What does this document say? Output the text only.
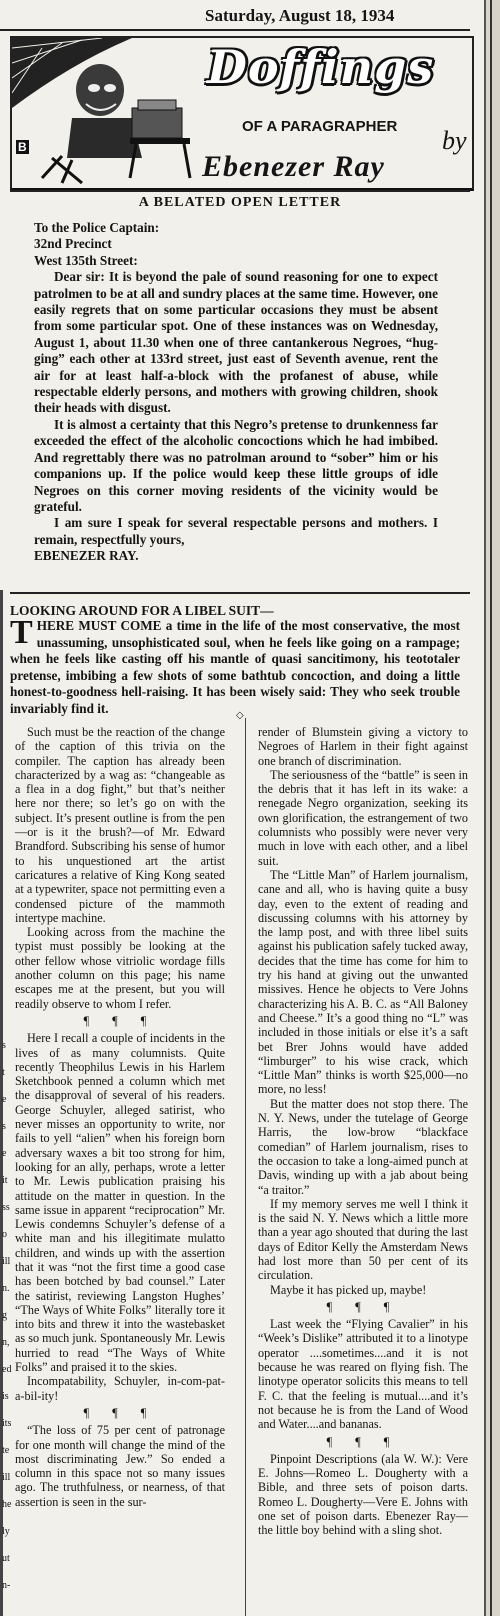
Saturday, August 18, 1934
B
Doffings
OF A PARAGRAPHER by
Ebenezer Ray
A BELATED OPEN LETTER

To the Police Captain:

32nd Precinct

West 135th Street:

Dear sir: It is beyond the pale of sound reasoning for one to expect patrolmen to be at all and sundry places at the same time. However, one easily regrets that on some particular occasions they must be absent from some particular spot. One of these instances was on Wednesday, August 1, about 11.30 when one of three cantankerous Negroes, “hug-ging” each other at 133rd street, just east of Seventh avenue, rent the air for at least half-a-block with the profanest of abuse, while respectable elderly persons, and mothers with growing children, shook their heads with disgust.

It is almost a certainty that this Negro’s pretense to drunkenness far exceeded the effect of the alcoholic concoctions which he had imbibed. And regrettably there was no patrolman around to “sober” him or his companions up. If the police would keep these little groups of idle Negroes on this corner moving residents of the vicinity would be grateful.

I am sure I speak for several respectable persons and mothers. I remain, respectfully yours,

EBENEZER RAY.

LOOKING AROUND FOR A LIBEL SUIT—
THERE MUST COME a time in the life of the most conservative, the most unassuming, unsophisticated soul, when he feels like going on a rampage; when he feels like casting off his mantle of quasi sancitimony, his teototaler pretense, imbibing a few shots of some bathtub concoction, and doing a little honest-to-goodness hell-raising. It has been wisely said: They who seek trouble invariably find it.	◇

Such must be the reaction of the change of the caption of this trivia on the compiler. The caption has already been characterized by a wag as: “changeable as a flea in a dog fight,” but that’s neither here nor there; so let’s go on with the subject. It’s present outline is from the pen—or is it the brush?—of Mr. Edward Brandford. Subscribing his sense of humor to his unquestioned art the artist caricatures a relative of King Kong seated at a typewriter, space not permitting even a condensed picture of the mammoth intertype machine.

Looking across from the machine the typist must possibly be looking at the other fellow whose vitriolic wordage fills another column on this page; his name escapes me at the present, but you will readily observe to whom I refer.

¶ ¶ ¶

Here I recall a couple of incidents in the lives of as many columnists. Quite recently Theophilus Lewis in his Harlem Sketchbook penned a column which met the disapproval of several of his readers. George Schuyler, alleged satirist, who never misses an opportunity to write, nor fails to yell “alien” when his foreign born adversary waxes a bit too strong for him, looking for an ally, perhaps, wrote a letter to Mr. Lewis publication praising his attitude on the matter in question. In the same issue in apparent “reciprocation” Mr. Lewis condemns Schuyler’s defense of a white man and his illegitimate mulatto children, and winds up with the assertion that it was “not the first time a good case has been botched by bad counsel.” Later the satirist, reviewing Langston Hughes’ “The Ways of White Folks” literally tore it into bits and threw it into the wastebasket as so much junk. Spontaneously Mr. Lewis hurried to read “The Ways of White Folks” and praised it to the skies.

Incompatability, Schuyler, in-com-pat-a-bil-ity!

¶ ¶ ¶

“The loss of 75 per cent of patronage for one month will change the mind of the most discriminating Jew.” So ended a column in this space not so many issues ago. The truthfulness, or nearness, of that assertion is seen in the sur-

render of Blumstein giving a victory to Negroes of Harlem in their fight against one branch of discrimination.

The seriousness of the “battle” is seen in the debris that it has left in its wake: a renegade Negro organization, seeking its own glorification, the estrangement of two columnists who possibly were never very much in love with each other, and a libel suit.

The “Little Man” of Harlem journalism, cane and all, who is having quite a busy day, even to the extent of reading and discussing columns with his attorney by the lamp post, and with three libel suits against his publication safely tucked away, decides that the time has come for him to try his hand at giving out the unwanted missives. Hence he objects to Vere Johns characterizing his A. B. C. as “All Baloney and Cheese.” It’s a good thing no “L” was included in those initials or else it’s a saft bet Brer Johns would have added “limburger” to his wise crack, which “Little Man” thinks is worth $25,000—no more, no less!

But the matter does not stop there. The N. Y. News, under the tutelage of George Harris, the low-brow “blackface comedian” of Harlem journalism, rises to the occasion to take a long-aimed punch at Davis, winding up with a jab about being “a traitor.”

If my memory serves me well I think it is the said N. Y. News which a little more than a year ago shouted that during the last days of Editor Kelly the Amsterdam News had lost more than 50 per cent of its circulation.

Maybe it has picked up, maybe!

¶ ¶ ¶

Last week the “Flying Cavalier” in his “Week’s Dislike” attributed it to a linotype operator ....sometimes....and it is not because he was reared on flying fish. The linotype operator solicits this means to tell F. C. that the feeling is mutual....and it’s not because he is from the Land of Wood and Water....and bananas.

¶ ¶ ¶

Pinpoint Descriptions (ala W. W.): Vere E. Johns—Romeo L. Dougherty with a Bible, and three sets of poison darts. Romeo L. Dougherty—Vere E. Johns with one set of poison darts. Ebenezer Ray—the little boy behind with a sling shot.

s
t
e
s
e
it
ss
o
ill
n.
g
n,
ed
is
its
te
ill
he
ly
ut
n-
